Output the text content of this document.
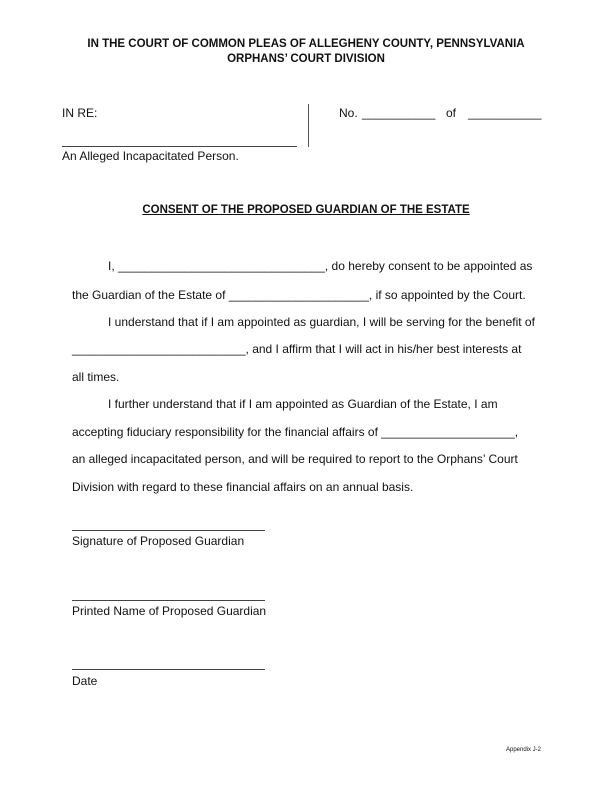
IN THE COURT OF COMMON PLEAS OF ALLEGHENY COUNTY, PENNSYLVANIA
ORPHANS’ COURT DIVISION
IN RE:	No. ___________ of ___________
An Alleged Incapacitated Person.
CONSENT OF THE PROPOSED GUARDIAN OF THE ESTATE
I, _______________________________, do hereby consent to be appointed as
the Guardian of the Estate of _____________________, if so appointed by the Court.
I understand that if I am appointed as guardian, I will be serving for the benefit of
__________________________, and I affirm that I will act in his/her best interests at
all times.
I further understand that if I am appointed as Guardian of the Estate, I am
accepting fiduciary responsibility for the financial affairs of ____________________,
an alleged incapacitated person, and will be required to report to the Orphans’ Court
Division with regard to these financial affairs on an annual basis.
Signature of Proposed Guardian
Printed Name of Proposed Guardian
Date
Appendix J-2
